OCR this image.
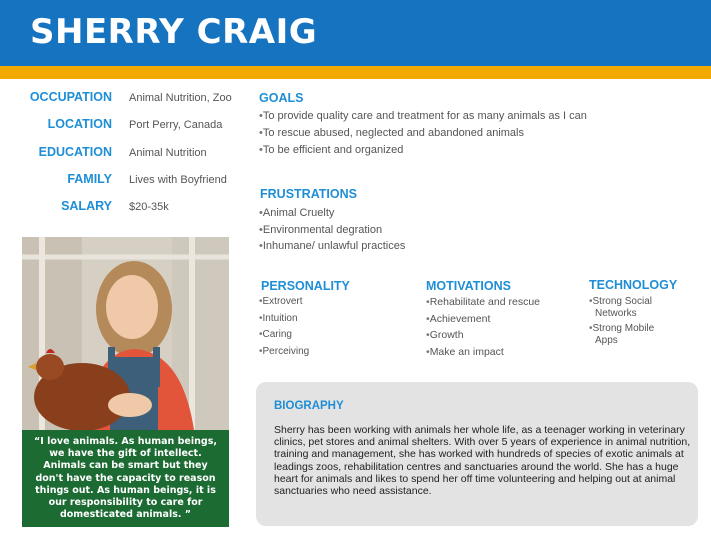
SHERRY CRAIG
OCCUPATION Animal Nutrition, Zoo
LOCATION Port Perry, Canada
EDUCATION Animal Nutrition
FAMILY Lives with Boyfriend
SALARY $20-35k
GOALS
• To provide quality care and treatment for as many animals as I can
• To rescue abused, neglected and abandoned animals
• To be efficient and organized
FRUSTRATIONS
• Animal Cruelty
• Environmental degration
• Inhumane/ unlawful practices
PERSONALITY
• Extrovert
• Intuition
• Caring
• Perceiving
MOTIVATIONS
• Rehabilitate and rescue
• Achievement
• Growth
• Make an impact
TECHNOLOGY
• Strong Social Networks
• Strong Mobile Apps
“I love animals. As human beings, we have the gift of intellect. Animals can be smart but they don't have the capacity to reason things out. As human beings, it is our responsibility to care for domesticated animals. ”
BIOGRAPHY
Sherry has been working with animals her whole life, as a teenager working in veterinary clinics, pet stores and animal shelters. With over 5 years of experience in animal nutrition, training and management, she has worked with hundreds of species of exotic animals at leadings zoos, rehabilitation centres and sanctuaries around the world. She has a huge heart for animals and likes to spend her off time volunteering and helping out at animal sanctuaries who need assistance.
